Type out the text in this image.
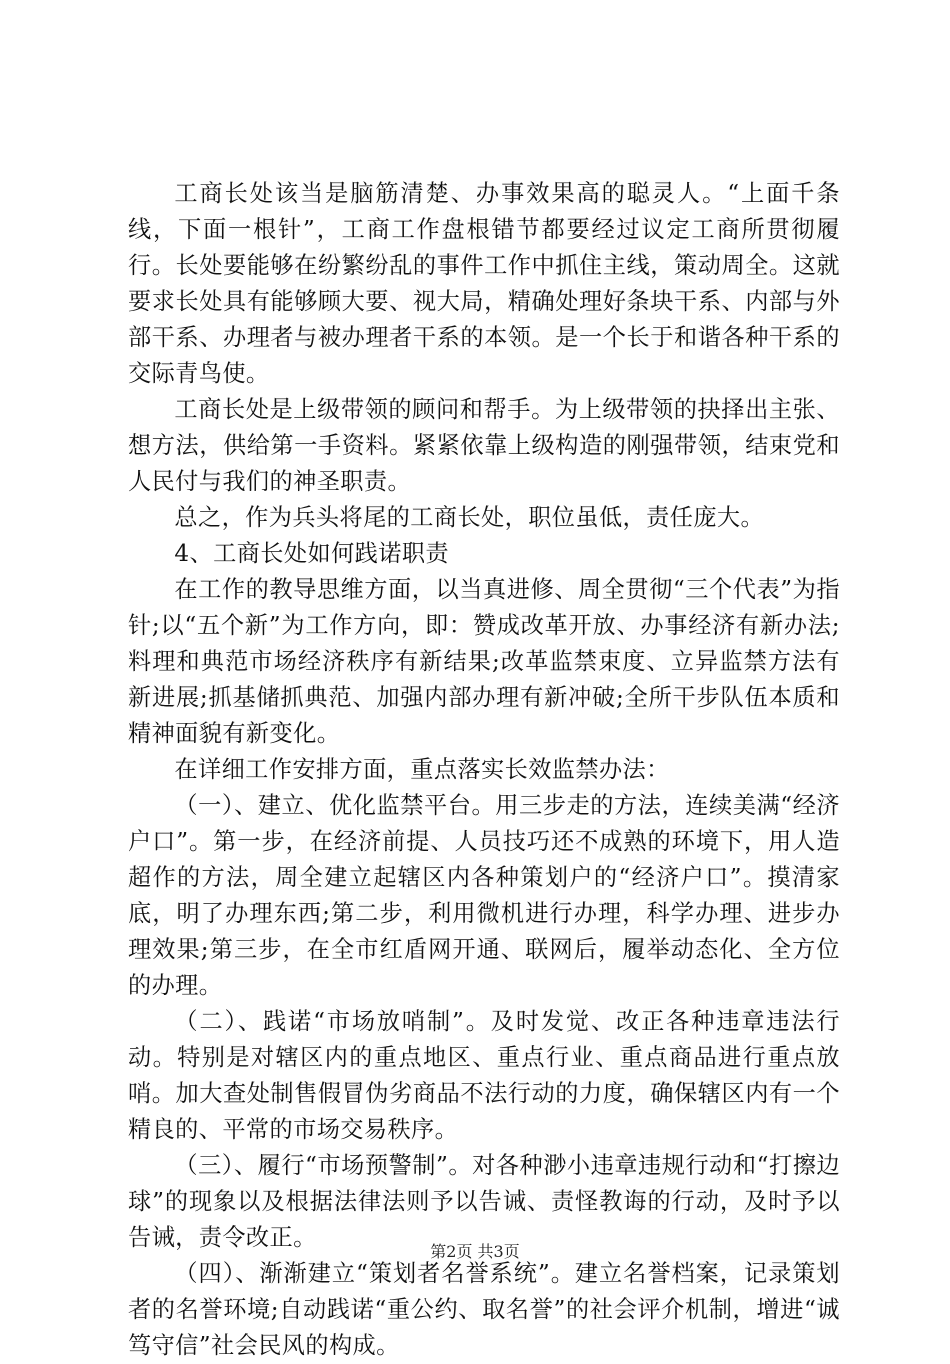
工商长处该当是脑筋清楚、办事效果高的聪灵人。“上面千条线，下面一根针”，工商工作盘根错节都要经过议定工商所贯彻履行。长处要能够在纷繁纷乱的事件工作中抓住主线，策动周全。这就要求长处具有能够顾大要、视大局，精确处理好条块干系、内部与外部干系、办理者与被办理者干系的本领。是一个长于和谐各种干系的交际青鸟使。

工商长处是上级带领的顾问和帮手。为上级带领的抉择出主张、想方法，供给第一手资料。紧紧依靠上级构造的刚强带领，结束党和人民付与我们的神圣职责。

总之，作为兵头将尾的工商长处，职位虽低，责任庞大。

4、工商长处如何践诺职责

在工作的教导思维方面，以当真进修、周全贯彻“三个代表”为指针;以“五个新”为工作方向，即：赞成改革开放、办事经济有新办法;料理和典范市场经济秩序有新结果;改革监禁束度、立异监禁方法有新进展;抓基储抓典范、加强内部办理有新冲破;全所干步队伍本质和精神面貌有新变化。

在详细工作安排方面，重点落实长效监禁办法：

（一）、建立、优化监禁平台。用三步走的方法，连续美满“经济户口”。第一步，在经济前提、人员技巧还不成熟的环境下，用人造超作的方法，周全建立起辖区内各种策划户的“经济户口”。摸清家底，明了办理东西;第二步，利用微机进行办理，科学办理、进步办理效果;第三步，在全市红盾网开通、联网后，履举动态化、全方位的办理。

（二）、践诺“市场放哨制”。及时发觉、改正各种违章违法行动。特别是对辖区内的重点地区、重点行业、重点商品进行重点放哨。加大查处制售假冒伪劣商品不法行动的力度，确保辖区内有一个精良的、平常的市场交易秩序。

（三）、履行“市场预警制”。对各种渺小违章违规行动和“打擦边球”的现象以及根据法律法则予以告诫、责怪教诲的行动，及时予以告诫，责令改正。

（四）、渐渐建立“策划者名誉系统”。建立名誉档案，记录策划者的名誉环境;自动践诺“重公约、取名誉”的社会评介机制，增进“诚笃守信”社会民风的构成。

第2页 共3页
